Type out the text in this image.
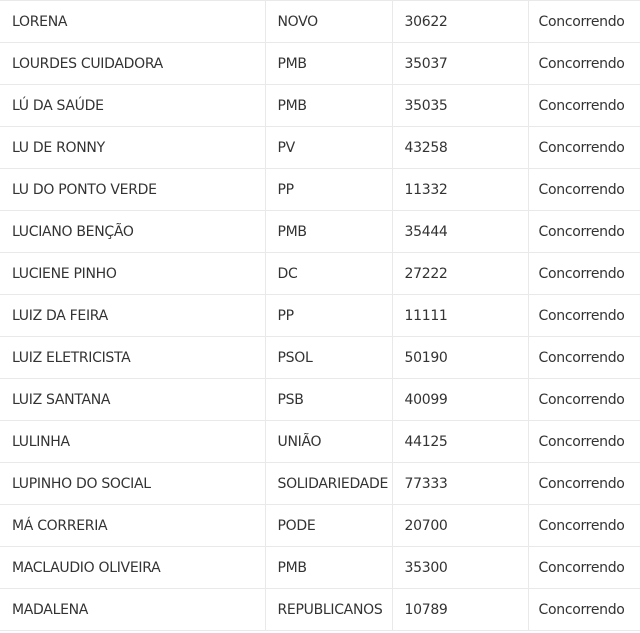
LORENA	NOVO	30622	Concorrendo
LOURDES CUIDADORA	PMB	35037	Concorrendo
LÚ DA SAÚDE	PMB	35035	Concorrendo
LU DE RONNY	PV	43258	Concorrendo
LU DO PONTO VERDE	PP	11332	Concorrendo
LUCIANO BENÇÃO	PMB	35444	Concorrendo
LUCIENE PINHO	DC	27222	Concorrendo
LUIZ DA FEIRA	PP	11111	Concorrendo
LUIZ ELETRICISTA	PSOL	50190	Concorrendo
LUIZ SANTANA	PSB	40099	Concorrendo
LULINHA	UNIÃO	44125	Concorrendo
LUPINHO DO SOCIAL	SOLIDARIEDADE	77333	Concorrendo
MÁ CORRERIA	PODE	20700	Concorrendo
MACLAUDIO OLIVEIRA	PMB	35300	Concorrendo
MADALENA	REPUBLICANOS	10789	Concorrendo
